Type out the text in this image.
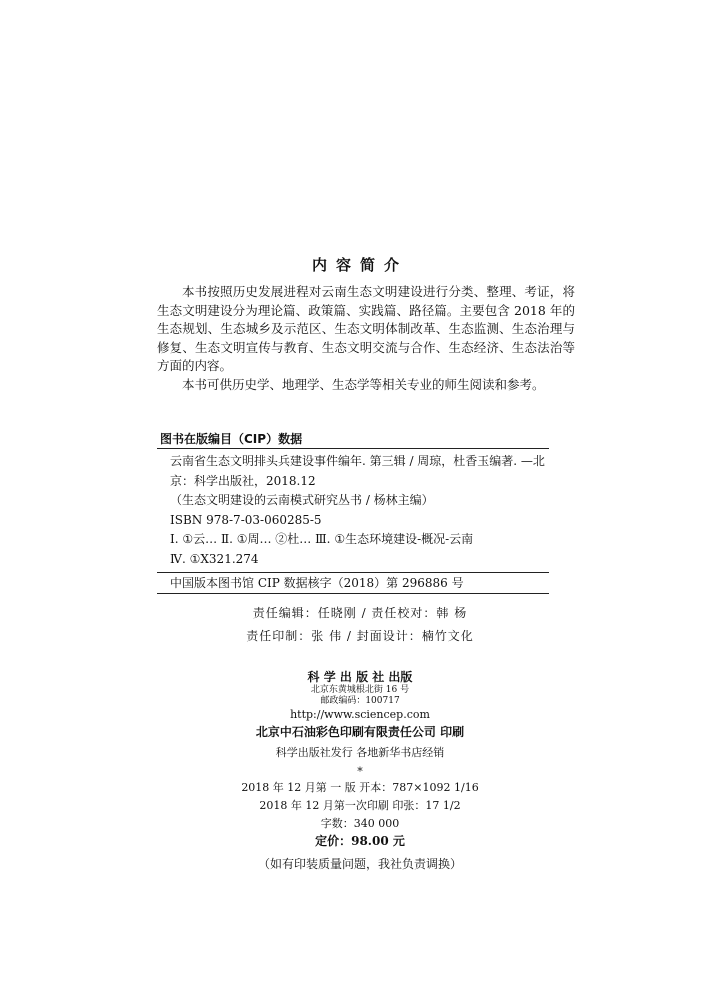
内容简介

本书按照历史发展进程对云南生态文明建设进行分类、整理、考证，将生态文明建设分为理论篇、政策篇、实践篇、路径篇。主要包含 2018 年的生态规划、生态城乡及示范区、生态文明体制改革、生态监测、生态治理与修复、生态文明宣传与教育、生态文明交流与合作、生态经济、生态法治等方面的内容。

本书可供历史学、地理学、生态学等相关专业的师生阅读和参考。

图书在版编目（CIP）数据
云南省生态文明排头兵建设事件编年. 第三辑 / 周琼，杜香玉编著. —北京：科学出版社，2018.12
（生态文明建设的云南模式研究丛书 / 杨林主编）
ISBN 978-7-03-060285-5
Ⅰ. ①云… Ⅱ. ①周… ②杜… Ⅲ. ①生态环境建设-概况-云南
Ⅳ. ①X321.274
中国版本图书馆 CIP 数据核字（2018）第 296886 号
责任编辑：任晓刚 / 责任校对：韩 杨
责任印制：张 伟 / 封面设计：楠竹文化
科 学 出 版 社 出版
北京东黄城根北街 16 号
邮政编码：100717
http://www.sciencep.com
北京中石油彩色印刷有限责任公司 印刷
科学出版社发行 各地新华书店经销
*
2018 年 12 月第 一 版 开本：787×1092 1/16
2018 年 12 月第一次印刷 印张：17 1/2
字数：340 000
定价：98.00 元
（如有印装质量问题，我社负责调换）
